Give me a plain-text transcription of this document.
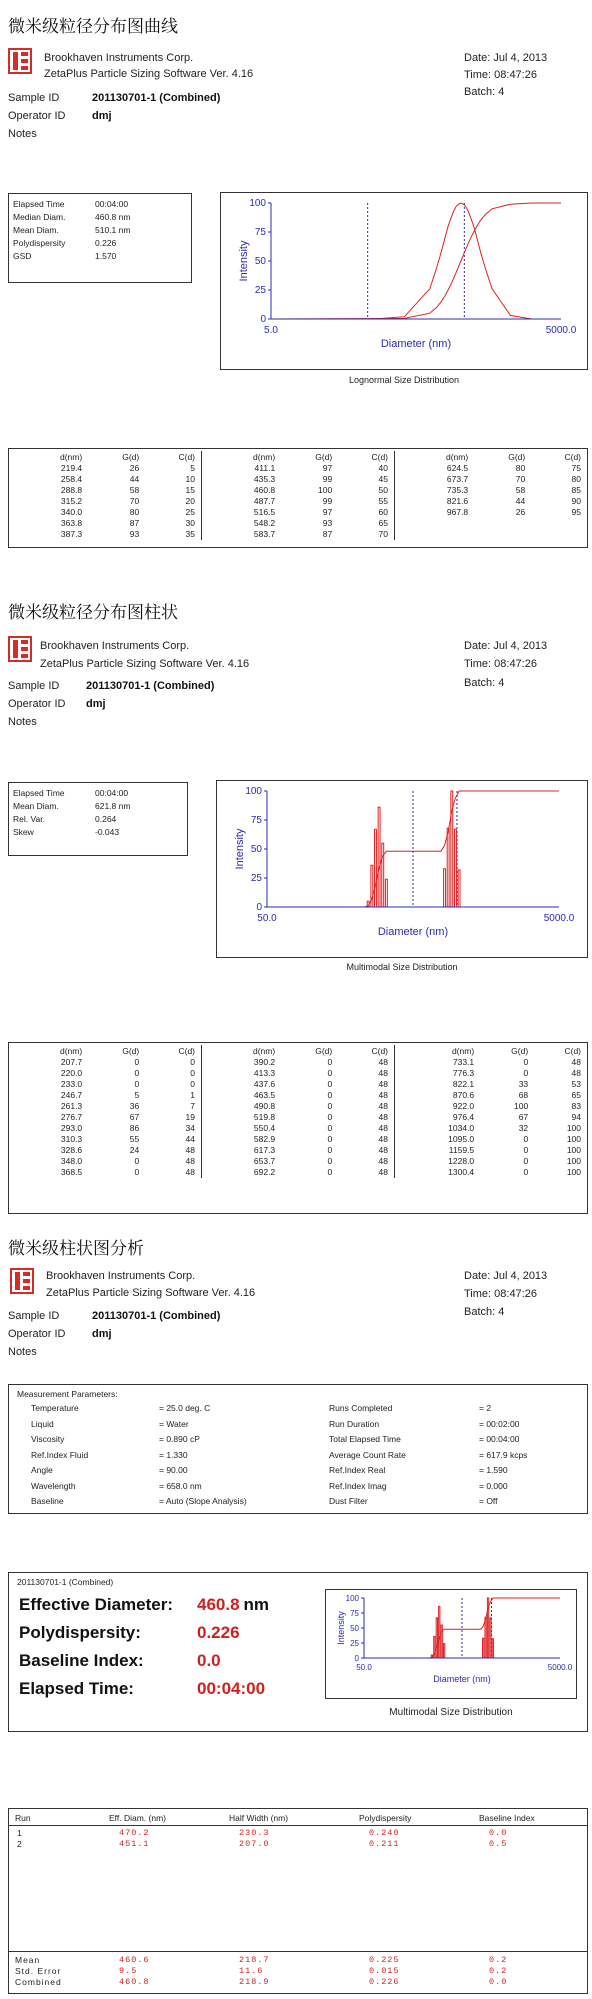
微米级粒径分布图曲线
Brookhaven Instruments Corp.
ZetaPlus Particle Sizing Software Ver. 4.16
Date: Jul 4, 2013
Time: 08:47:26
Batch: 4
Sample ID	201130701-1 (Combined)
Operator ID dmj
Notes
Elapsed Time	00:04:00
Median Diam.	460.8 nm
Mean Diam.	510.1 nm
Polydispersity	0.226
GSD	1.570
0
25
50
75
100
5.0	5000.0
Diameter (nm)
Intensity
Lognormal Size Distribution
d(nm)	G(d)	C(d)
219.4	26	5
258.4	44	10
288.8	58	15
315.2	70	20
340.0	80	25
363.8	87	30
387.3	93	35
d(nm)	G(d)	C(d)
411.1	97	40
435.3	99	45
460.8	100	50
487.7	99	55
516.5	97	60
548.2	93	65
583.7	87	70
d(nm)	G(d)	C(d)
624.5	80	75
673.7	70	80
735.3	58	85
821.6	44	90
967.8	26	95
微米级粒径分布图柱状
Brookhaven Instruments Corp.
ZetaPlus Particle Sizing Software Ver. 4.16
Date: Jul 4, 2013
Time: 08:47:26
Batch: 4
Sample ID 201130701-1 (Combined)
Operator ID dmj
Notes
Elapsed Time	00:04:00
Mean Diam.	621.8 nm
Rel. Var.	0.264
Skew	-0.043
0
25
50
75
100
50.0	5000.0
Diameter (nm)
Intensity
Multimodal Size Distribution
d(nm)	G(d)	C(d)
207.7	0	0
220.0	0	0
233.0	0	0
246.7	5	1
261.3	36	7
276.7	67	19
293.0	86	34
310.3	55	44
328.6	24	48
348.0	0	48
368.5	0	48
d(nm)	G(d)	C(d)
390.2	0	48
413.3	0	48
437.6	0	48
463.5	0	48
490.8	0	48
519.8	0	48
550.4	0	48
582.9	0	48
617.3	0	48
653.7	0	48
692.2	0	48
d(nm)	G(d)	C(d)
733.1	0	48
776.3	0	48
822.1	33	53
870.6	68	65
922.0	100	83
976.4	67	94
1034.0	32	100
1095.0	0	100
1159.5	0	100
1228.0	0	100
1300.4	0	100
微米级柱状图分析
Brookhaven Instruments Corp.
ZetaPlus Particle Sizing Software Ver. 4.16
Date: Jul 4, 2013
Time: 08:47:26
Batch: 4
Sample ID	201130701-1 (Combined)
Operator ID dmj
Notes
Measurement Parameters:
Temperature	= 25.0 deg. C
Liquid	= Water
Viscosity	= 0.890 cP
Ref.Index Fluid	= 1.330
Angle	= 90.00
Wavelength	= 658.0 nm
Baseline	= Auto (Slope Analysis)
Runs Completed	= 2
Run Duration	= 00:02:00
Total Elapsed Time	= 00:04:00
Average Count Rate	= 617.9 kcps
Ref.Index Real	= 1.590
Ref.Index Imag	= 0.000
Dust Filter	= Off
201130701-1 (Combined)
Effective Diameter: 460.8 nm
Polydispersity:	0.226
Baseline Index:	0.0
Elapsed Time:	00:04:00
0
25
50
75
100
50.0	5000.0
Diameter (nm)
Intensity
Multimodal Size Distribution
Run	Eff. Diam. (nm)	Half Width (nm)	Polydispersity	Baseline Index
1	470.2	230.3	0.240	0.0
2	451.1	207.0	0.211	0.5
Mean	460.6	218.7	0.225	0.2
Std. Error	9.5	11.6	0.015	0.2
Combined	460.8	218.9	0.226	0.0
